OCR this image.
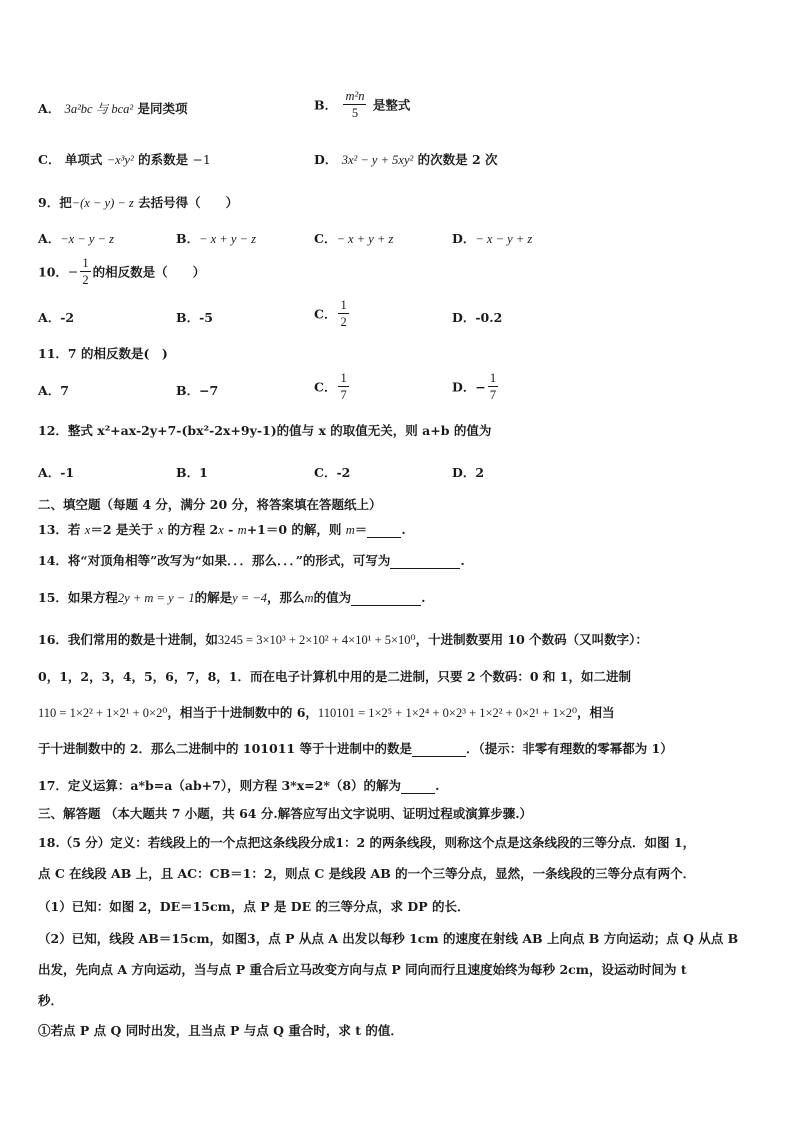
A． 3a²bc 与 bca² 是同类项	B． $\frac{\text{m²n}}{5}$ 是整式
C． 单项式 −x³y² 的系数是 −1	D． 3x² − y + 5xy² 的次数是 2 次
9．把−(x − y) − z 去括号得（　　）
A．−x − y − z	B．− x + y − z	C．− x + y + z	D．− x − y + z
10．− $\frac{1}{2}$ 的相反数是（　　）
A．-2	B．-5	C． $\frac{1}{2}$	D．-0.2
11．7 的相反数是(　)
A．7	B．−7	C． $\frac{1}{7}$	D．− $\frac{1}{7}$
12．整式 x²+ax-2y+7-(bx²-2x+9y-1)的值与 x 的取值无关，则 a+b 的值为
A．-1	B．1	C．-2	D．2
二、填空题（每题 4 分，满分 20 分，将答案填在答题纸上）
13．若 x＝2 是关于 x 的方程 2x - m+1＝0 的解，则 m＝	.
14．将“对顶角相等”改写为“如果．．．那么．．．”的形式，可写为	.
15．如果方程2y + m = y − 1的解是y = −4，那么m的值为	.
16．我们常用的数是十进制，如3245 = 3×10³ + 2×10² + 4×10¹ + 5×10⁰，十进制数要用 10 个数码（又叫数字）：
0，1，2，3，4，5，6，7，8，1．而在电子计算机中用的是二进制，只要 2 个数码：0 和 1，如二进制
110 = 1×2² + 1×2¹ + 0×2⁰，相当于十进制数中的 6，110101 = 1×2⁵ + 1×2⁴ + 0×2³ + 1×2² + 0×2¹ + 1×2⁰，相当
于十进制数中的 2．那么二进制中的 101011 等于十进制中的数是	．（提示：非零有理数的零幂都为 1）
17．定义运算：a*b=a（ab+7），则方程 3*x=2*（8）的解为	.
三、解答题 （本大题共 7 小题，共 64 分.解答应写出文字说明、证明过程或演算步骤.）
18.（5 分）定义：若线段上的一个点把这条线段分成1：2 的两条线段，则称这个点是这条线段的三等分点．如图 1，
点 C 在线段 AB 上，且 AC：CB＝1：2，则点 C 是线段 AB 的一个三等分点，显然，一条线段的三等分点有两个．
（1）已知：如图 2，DE＝15cm，点 P 是 DE 的三等分点，求 DP 的长．
（2）已知，线段 AB＝15cm，如图3，点 P 从点 A 出发以每秒 1cm 的速度在射线 AB 上向点 B 方向运动；点 Q 从点 B
出发，先向点 A 方向运动，当与点 P 重合后立马改变方向与点 P 同向而行且速度始终为每秒 2cm，设运动时间为 t
秒．
①若点 P 点 Q 同时出发，且当点 P 与点 Q 重合时，求 t 的值．
